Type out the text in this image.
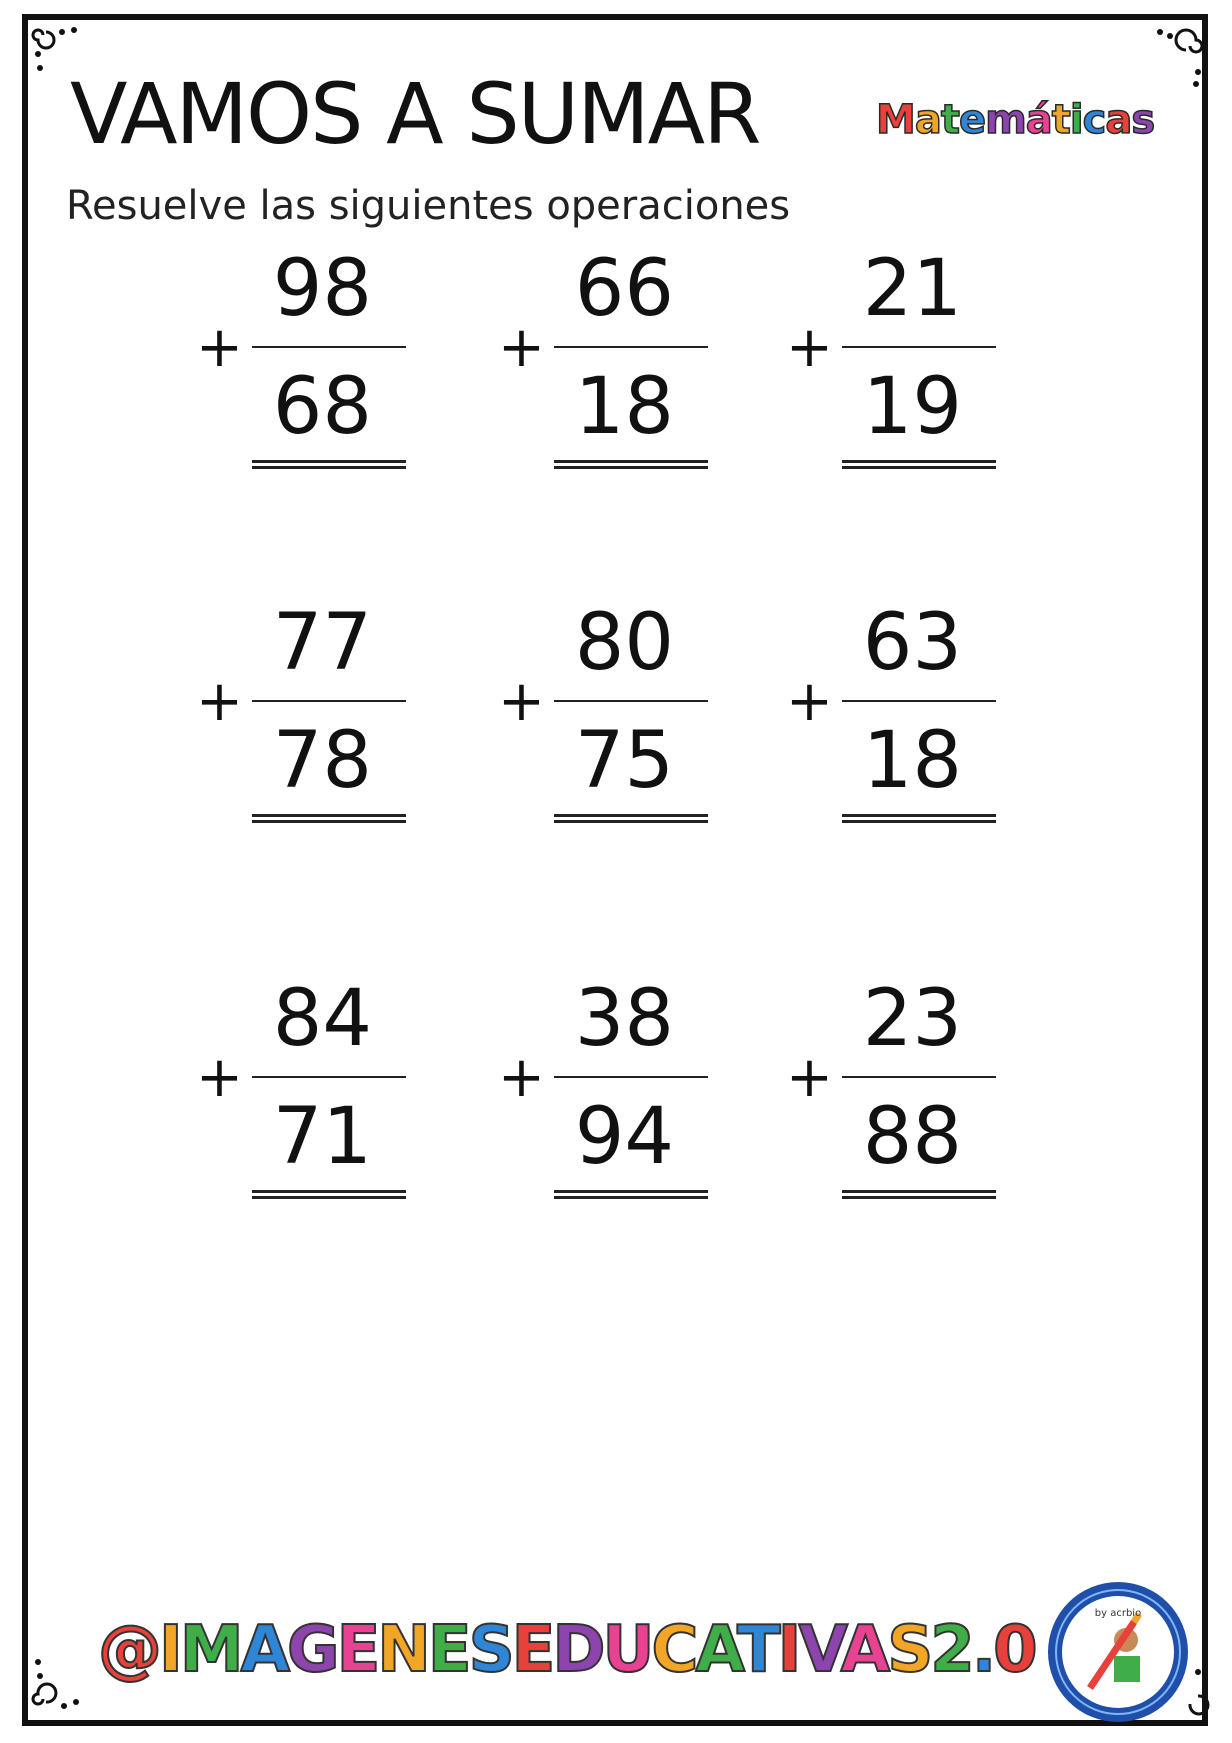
VAMOS A SUMAR
Resuelve las siguientes operaciones
Matemáticas
98
+
68
66
+
18
21
+
19
77
+
78
80
+
75
63
+
18
84
+
71
38
+
94
23
+
88
@IMAGENESEDUCATIVAS2.0	by acrbio
